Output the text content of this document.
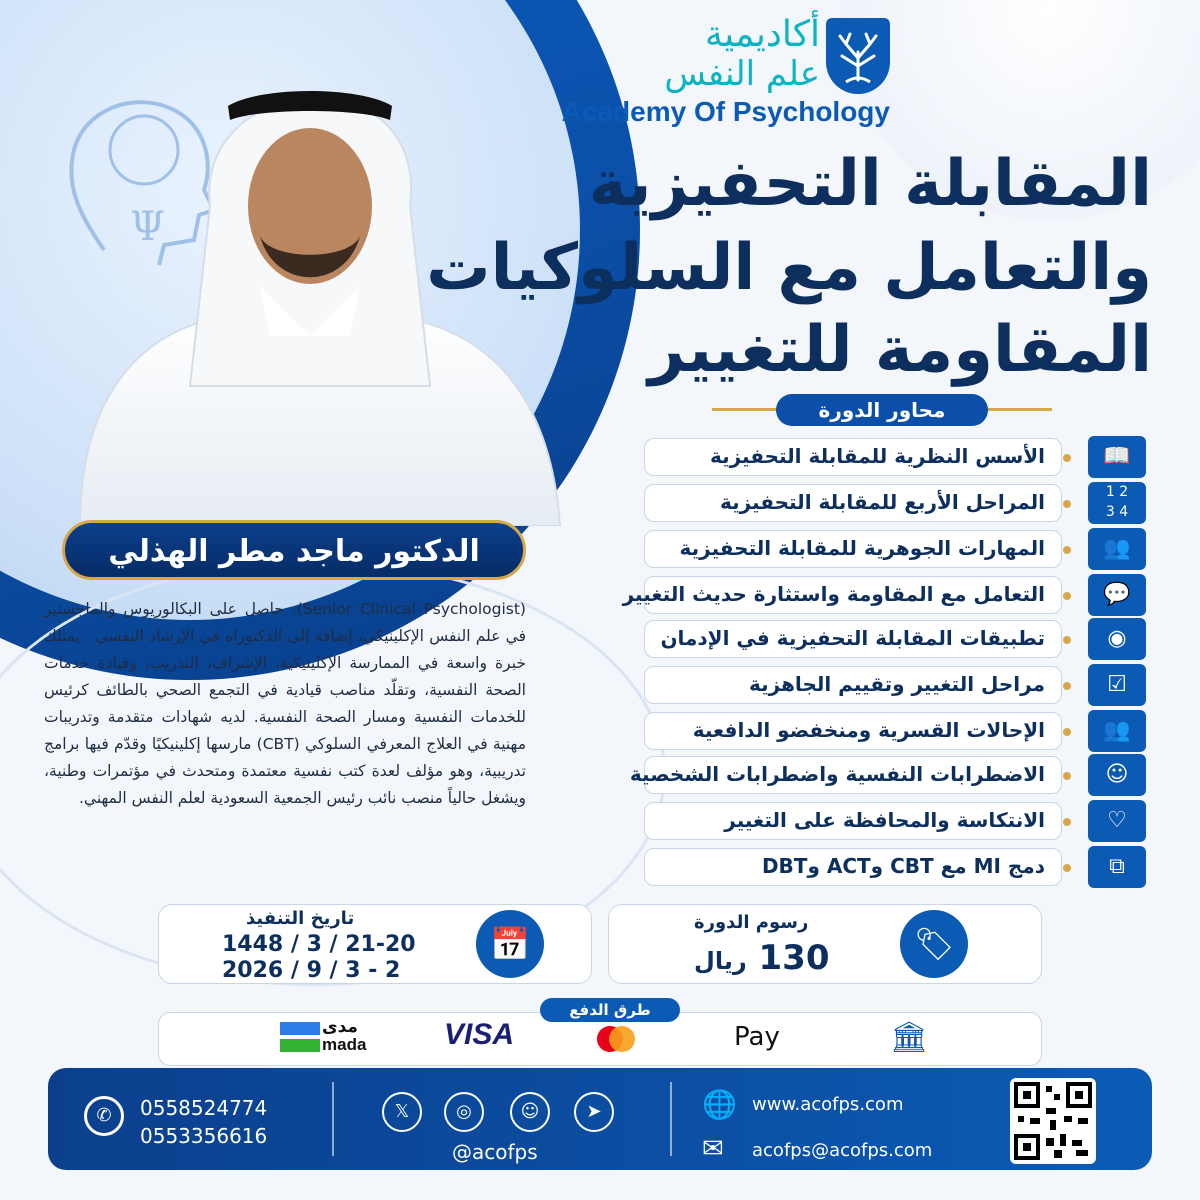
Ψ
أكاديمية
علم النفس
Academy Of Psychology
المقابلة التحفيزية
والتعامل مع السلوكيات
المقاومة للتغيير
محاور الدورة
الأسس النظرية للمقابلة التحفيزية	📖
المراحل الأربع للمقابلة التحفيزية	1 2
3 4
المهارات الجوهرية للمقابلة التحفيزية	👥
التعامل مع المقاومة واستثارة حديث التغيير	💬
تطبيقات المقابلة التحفيزية في الإدمان	◉
مراحل التغيير وتقييم الجاهزية	☑
الإحالات القسرية ومنخفضو الدافعية	👥
الاضطرابات النفسية واضطرابات الشخصية	☺
الانتكاسة والمحافظة على التغيير	♡
دمج MI مع CBT وACT وDBT	⧉
الدكتور ماجد مطر الهذلي
(Senior Clinical Psychologist). حاصل على البكالوريوس والماجستير في علم النفس الإكلينيكي، إضافة إلى الدكتوراه في الإرشاد النفسي . يمتلك خبرة واسعة في الممارسة الإكلينيكية، الإشراف، التدريب، وقيادة خدمات الصحة النفسية، وتقلّد مناصب قيادية في التجمع الصحي بالطائف كرئيس للخدمات النفسية ومسار الصحة النفسية. لديه شهادات متقدمة وتدريبات مهنية في العلاج المعرفي السلوكي (CBT) مارسها إكلينيكيًا وقدّم فيها برامج تدريبية، وهو مؤلف لعدة كتب نفسية معتمدة ومتحدث في مؤتمرات وطنية، ويشغل حالياً منصب نائب رئيس الجمعية السعودية لعلم النفس المهني.
🏷
رسوم الدورة
130 ريال
📅
تاريخ التنفيذ
1448 / 3 / 21-20
2026 / 9 / 3 - 2
طرق الدفع
🏛
Pay
VISA
مدى
mada
✆	0558524774
0553356616
𝕏	◎	☺	➤
@acofps
🌐 www.acofps.com
✉ acofps@acofps.com
